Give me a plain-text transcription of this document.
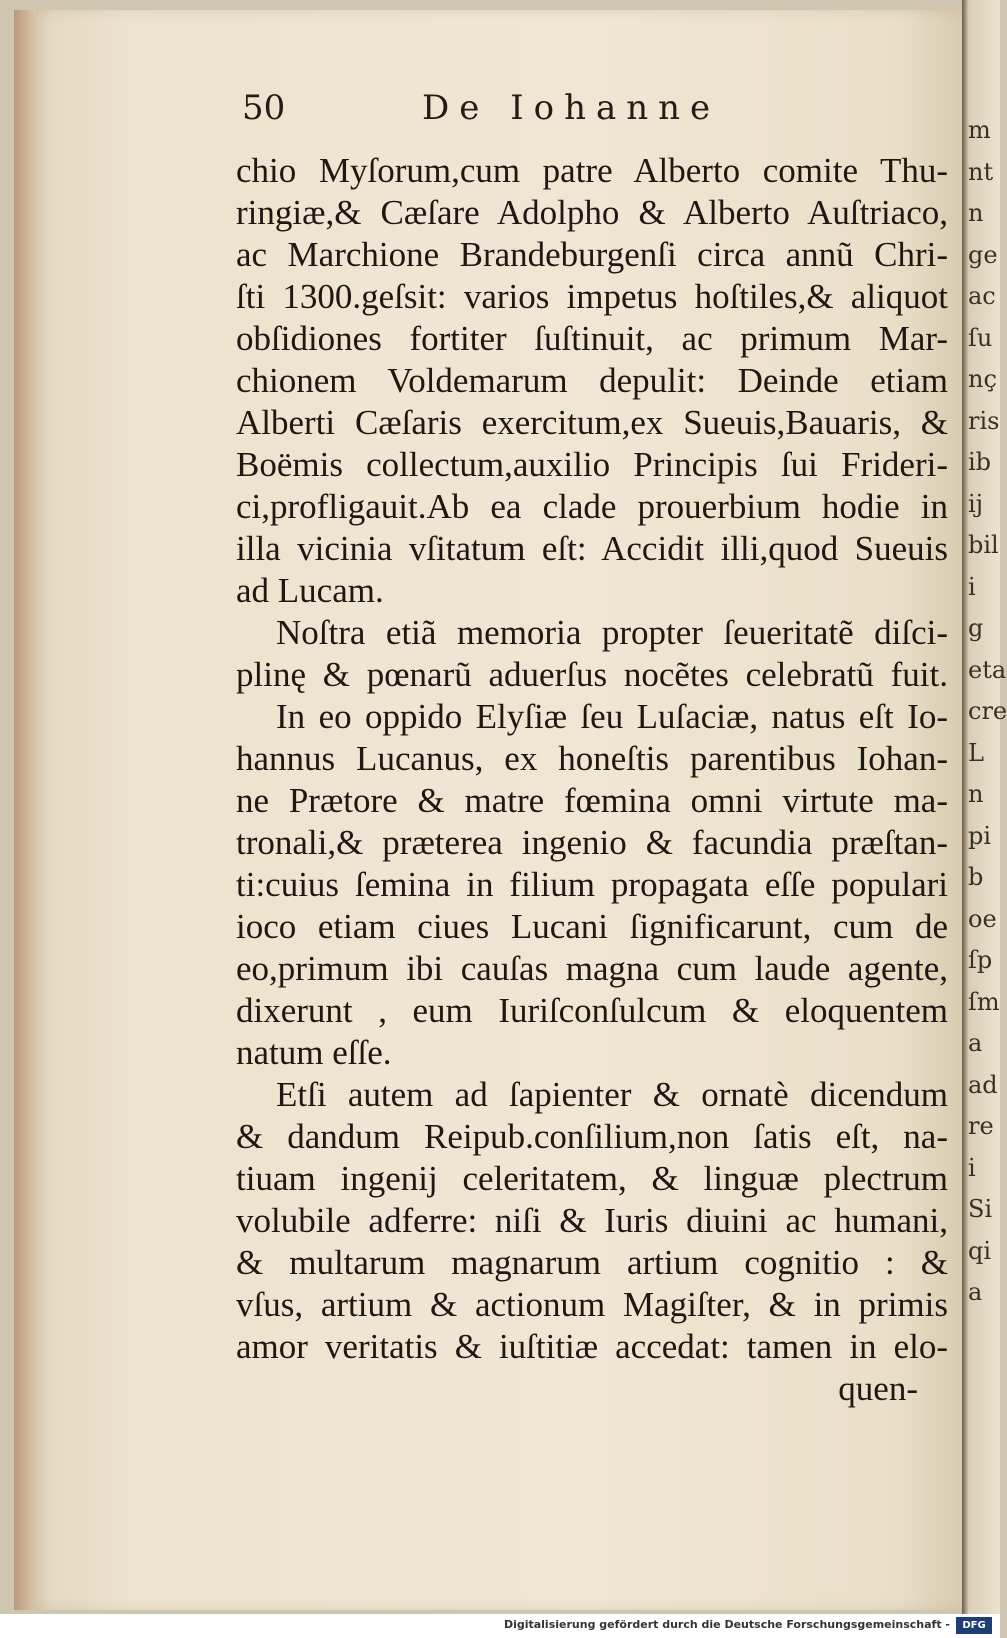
50	De Iohanne
chio Myſorum,cum patre Alberto comite Thu-
ringiæ,& Cæſare Adolpho & Alberto Auſtriaco,
ac Marchione Brandeburgenſi circa annũ Chri-
ſti 1300.geſsit: varios impetus hoſtiles,& aliquot
obſidiones fortiter ſuſtinuit, ac primum Mar-
chionem Voldemarum depulit: Deinde etiam
Alberti Cæſaris exercitum,ex Sueuis,Bauaris, &
Boëmis collectum,auxilio Principis ſui Frideri-
ci,profligauit.Ab ea clade prouerbium hodie in
illa vicinia vſitatum eſt: Accidit illi,quod Sueuis
ad Lucam.
Noſtra etiã memoria propter ſeueritatẽ diſci-
plinę & pœnarũ aduerſus nocẽtes celebratũ fuit.
In eo oppido Elyſiæ ſeu Luſaciæ, natus eſt Io-
hannus Lucanus, ex honeſtis parentibus Iohan-
ne Prætore & matre fœmina omni virtute ma-
tronali,& præterea ingenio & facundia præſtan-
ti:cuius ſemina in filium propagata eſſe populari
ioco etiam ciues Lucani ſignificarunt, cum de
eo,primum ibi cauſas magna cum laude agente,
dixerunt , eum Iuriſconſulcum & eloquentem
natum eſſe.
Etſi autem ad ſapienter & ornatè dicendum
& dandum Reipub.conſilium,non ſatis eſt, na-
tiuam ingenij celeritatem, & linguæ plectrum
volubile adferre: niſi & Iuris diuini ac humani,
& multarum magnarum artium cognitio : &
vſus, artium & actionum Magiſter, & in primis
amor veritatis & iuſtitiæ accedat: tamen in elo-
quen-
m
nt
n
ge
ac
ſu
nç
ris
ib
ij
bil
i
g
eta
cre
L
n
pi
b
oe
ſp
ſm
a
ad
re
i
Si
qi
a
Digitalisierung gefördert durch die Deutsche Forschungsgemeinschaft -	DFG
